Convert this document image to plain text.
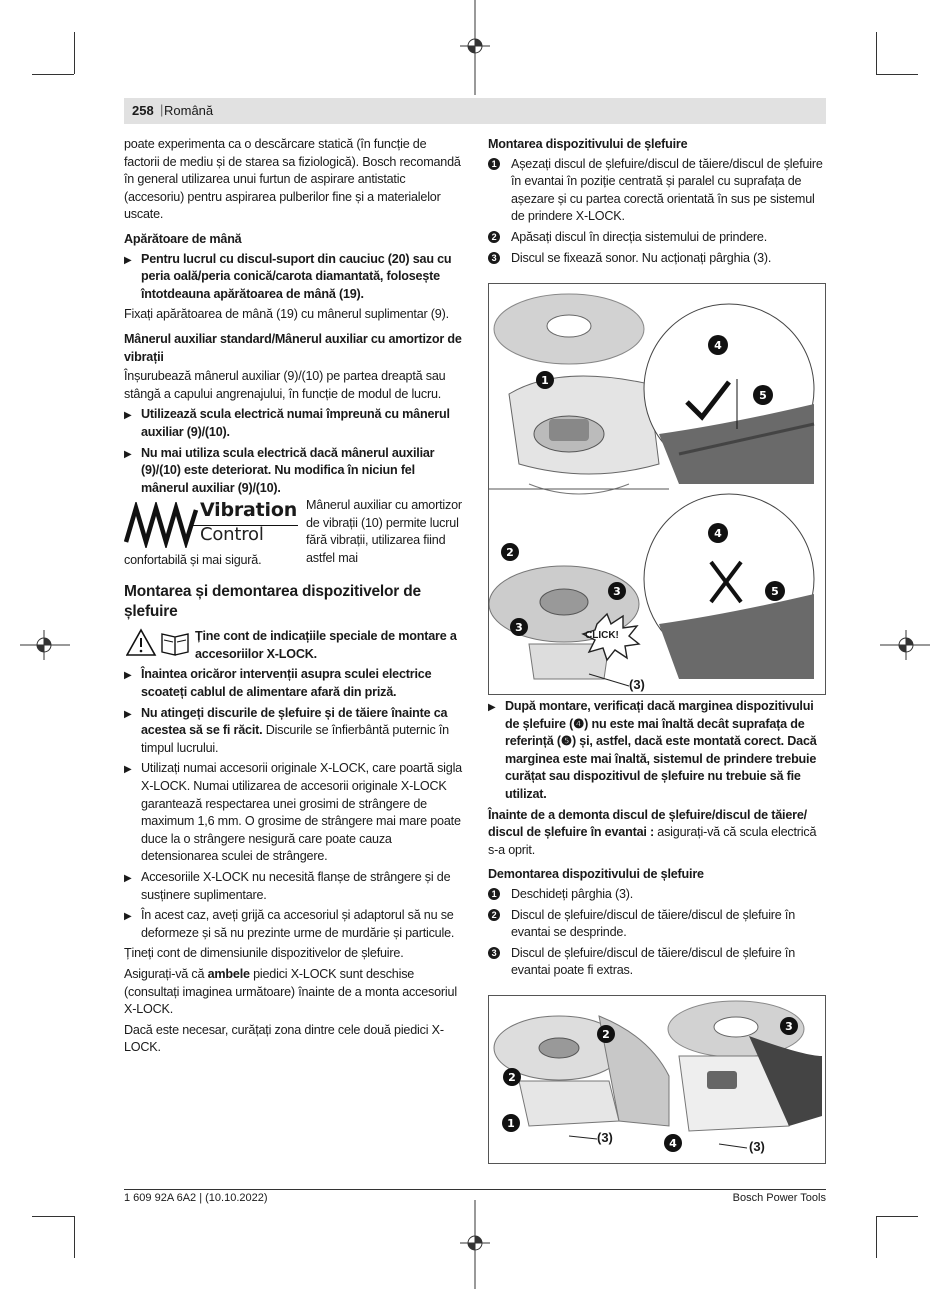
258 | Română

poate experimenta ca o descărcare statică (în funcție de factorii de mediu și de starea sa fiziologică). Bosch recomandă în general utilizarea unui furtun de aspirare antistatic (accesoriu) pentru aspirarea pulberilor fine și a materialelor uscate.

Apărătoare de mână
▶ Pentru lucrul cu discul-suport din cauciuc (20) sau cu peria oală/peria conică/carota diamantată, folosește întotdeauna apărătoarea de mână (19).

Fixați apărătoarea de mână (19) cu mânerul suplimentar (9).

Mânerul auxiliar standard/Mânerul auxiliar cu amortizor de vibrații

Înșurubează mânerul auxiliar (9)/(10) pe partea dreaptă sau stângă a capului angrenajului, în funcție de modul de lucru.

▶ Utilizează scula electrică numai împreună cu mânerul auxiliar (9)/(10).
▶ Nu mai utiliza scula electrică dacă mânerul auxiliar (9)/(10) este deteriorat. Nu modifica în niciun fel mânerul auxiliar (9)/(10).
Vibration
Control
Mânerul auxiliar cu amortizor de vibrații (10) permite lucrul fără vibrații, utilizarea fiind astfel mai
confortabilă și mai sigură.
Montarea și demontarea dispozitivelor de șlefuire
Ține cont de indicațiile speciale de montare a accesoriilor X-LOCK.
▶ Înaintea oricăror intervenții asupra sculei electrice scoateți cablul de alimentare afară din priză.
▶ Nu atingeți discurile de șlefuire și de tăiere înainte ca acestea să se fi răcit. Discurile se înfierbântă puternic în timpul lucrului.
▶ Utilizați numai accesorii originale X-LOCK, care poartă sigla X-LOCK. Numai utilizarea de accesorii originale X-LOCK garantează respectarea unei grosimi de strângere de maximum 1,6 mm. O grosime de strângere mai mare poate duce la o strângere nesigură care poate cauza detensionarea sculei de strângere.
▶ Accesoriile X-LOCK nu necesită flanșe de strângere și de susținere suplimentare.
▶ În acest caz, aveți grijă ca accesoriul și adaptorul să nu se deformeze și să nu prezinte urme de murdărie și particule.

Țineți cont de dimensiunile dispozitivelor de șlefuire.

Asigurați-vă că ambele piedici X-LOCK sunt deschise (consultați imaginea următoare) înainte de a monta accesoriul X-LOCK.

Dacă este necesar, curățați zona dintre cele două piedici X-LOCK.

Montarea dispozitivului de șlefuire
1	Așezați discul de șlefuire/discul de tăiere/discul de șlefuire în evantai în poziție centrată și paralel cu suprafața de așezare și cu partea corectă orientată în sus pe sistemul de prindere X-LOCK.
2	Apăsați discul în direcția sistemului de prindere.
3	Discul se fixează sonor. Nu acționați pârghia (3).
1
2
3
3
4
5
4
5
CLICK!
(3)
▶ După montare, verificați dacă marginea dispozitivului de șlefuire (❹) nu este mai înaltă decât suprafața de referință (❺) și, astfel, dacă este montată corect. Dacă marginea este mai înaltă, sistemul de prindere trebuie curățat sau dispozitivul de șlefuire nu trebuie să fie utilizat.

Înainte de a demonta discul de șlefuire/discul de tăiere/ discul de șlefuire în evantai : asigurați-vă că scula electrică s-a oprit.

Demontarea dispozitivului de șlefuire
1	Deschideți pârghia (3).
2	Discul de șlefuire/discul de tăiere/discul de șlefuire în evantai se desprinde.
3	Discul de șlefuire/discul de tăiere/discul de șlefuire în evantai poate fi extras.
2
2
1
3
4
(3)
(3)
1 609 92A 6A2 | (10.10.2022)	Bosch Power Tools
